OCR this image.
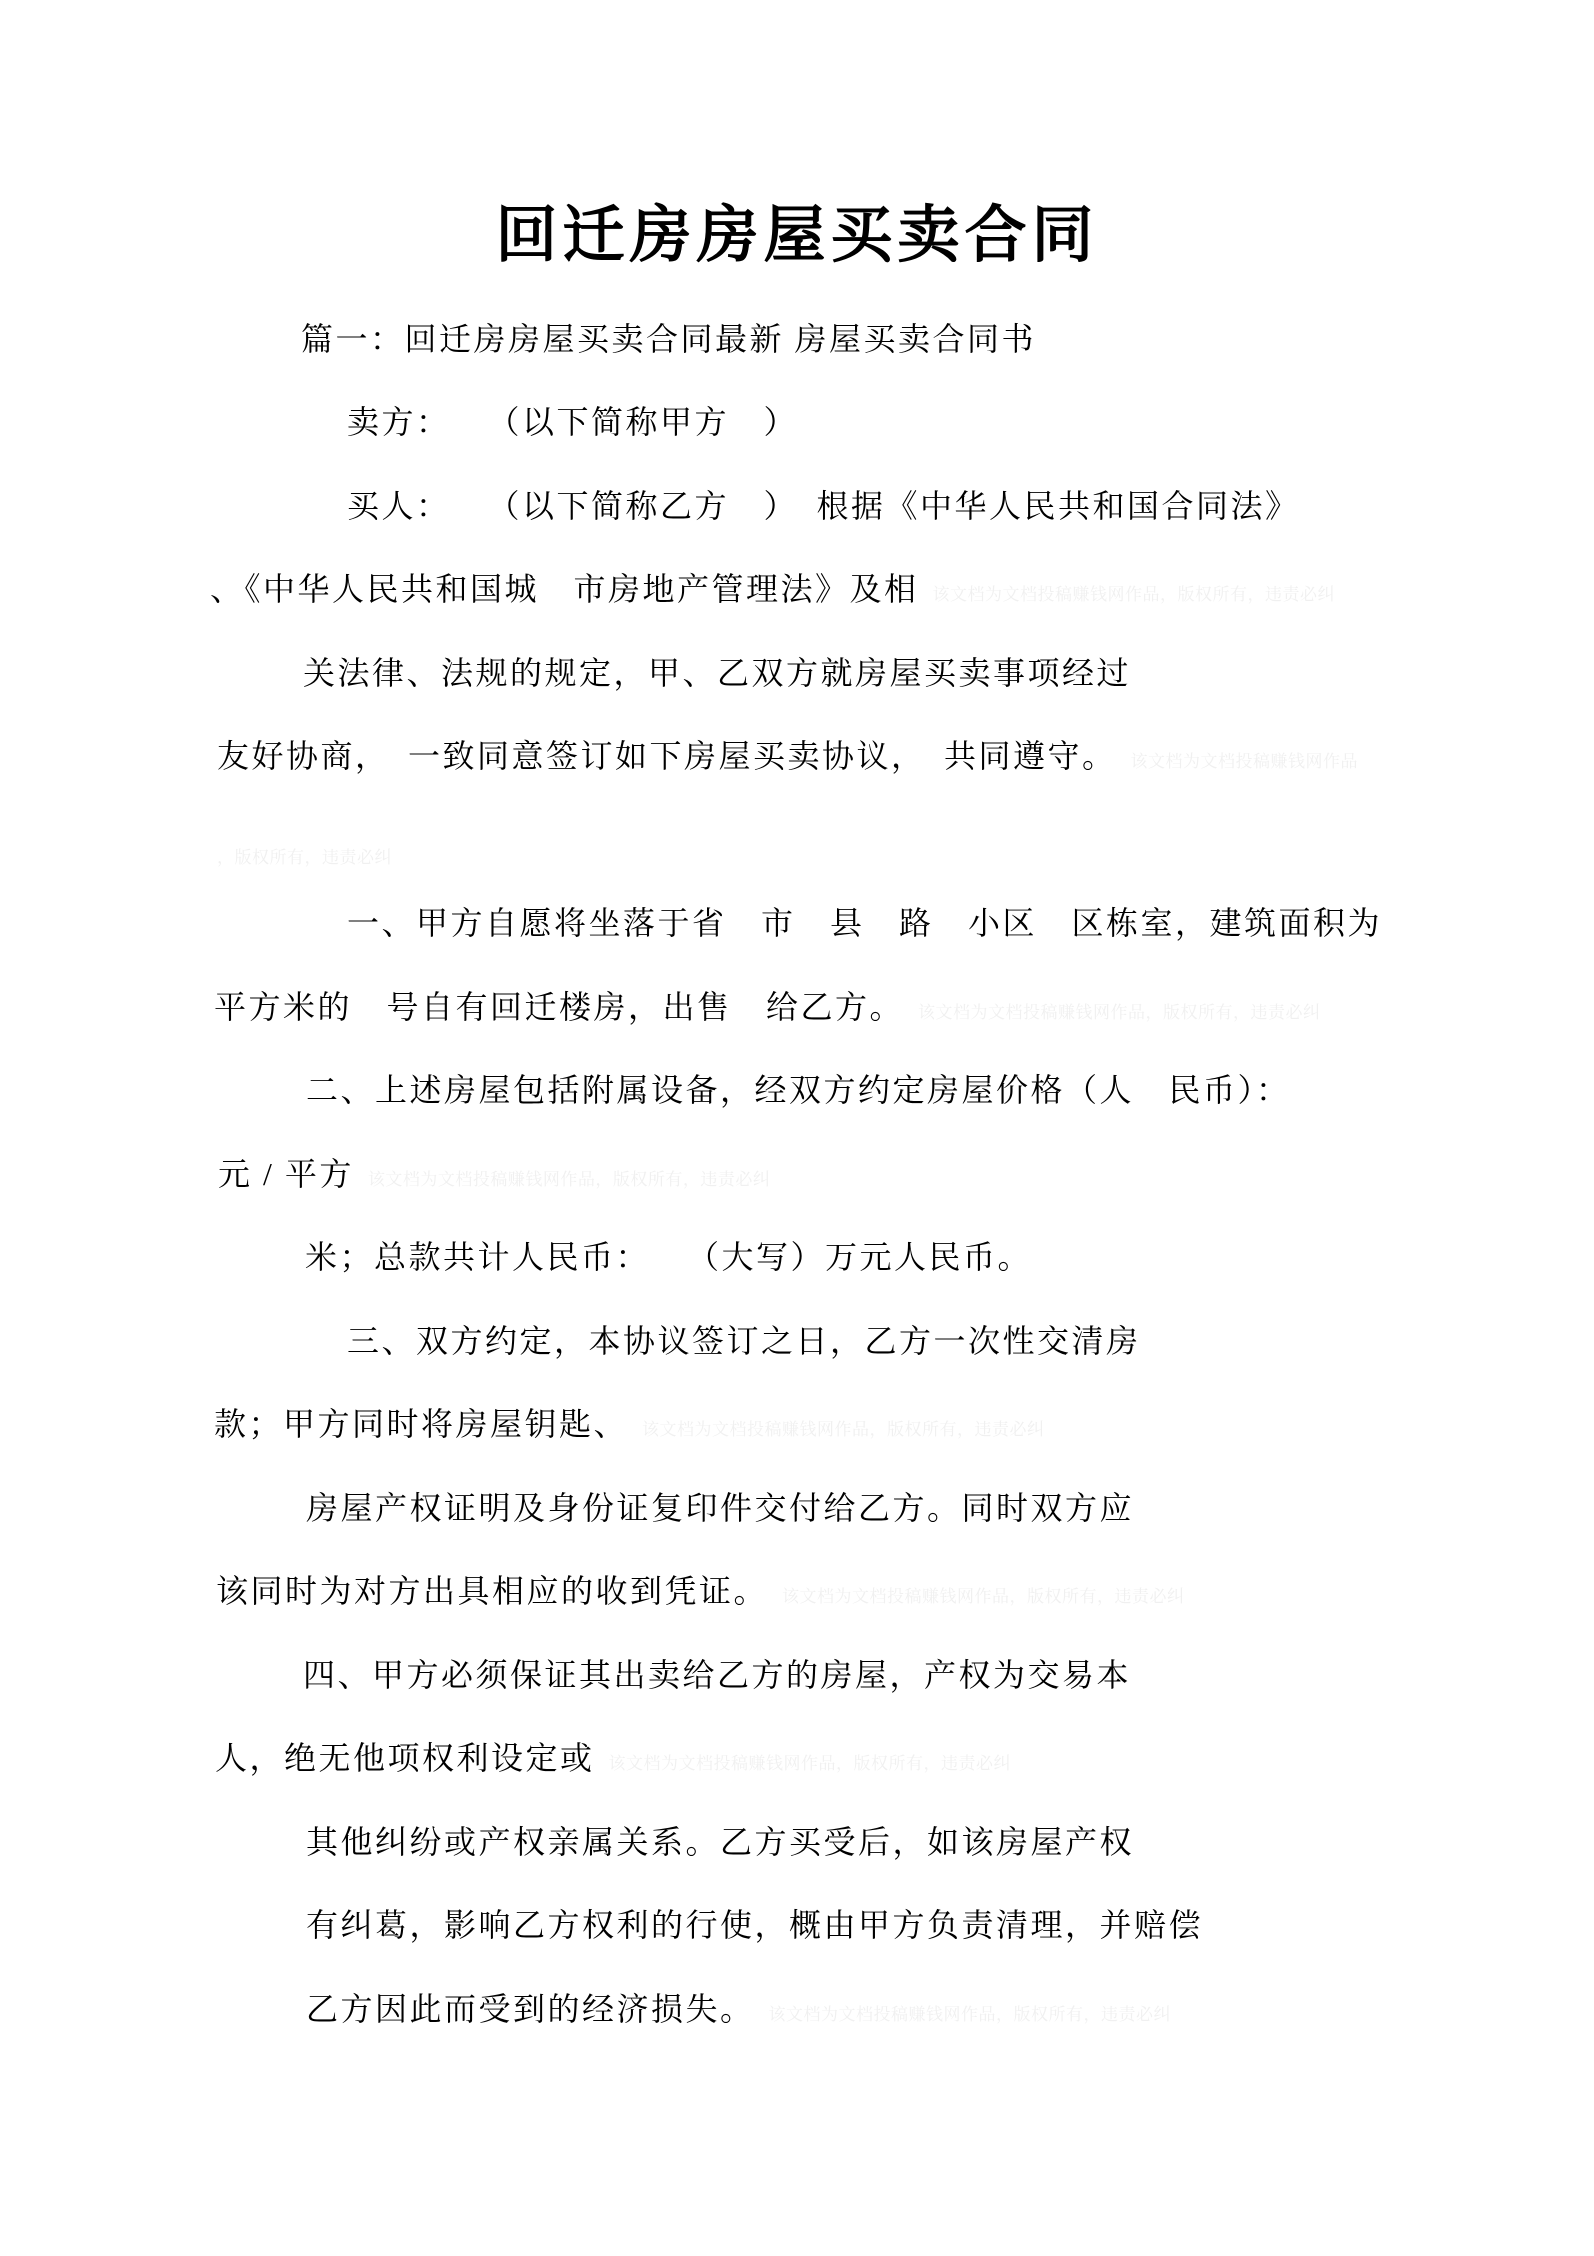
回迁房房屋买卖合同
篇一：回迁房房屋买卖合同最新 房屋买卖合同书
卖方：　　（以下简称甲方　）
买人：　　（以下简称乙方　）　根据《中华人民共和国合同法》
、《中华人民共和国城　市房地产管理法》及相 该文档为文档投稿赚钱网作品，版权所有，违责必纠
关法律、法规的规定，甲、乙双方就房屋买卖事项经过
友好协商，　一致同意签订如下房屋买卖协议，　共同遵守。 该文档为文档投稿赚钱网作品
，版权所有，违责必纠
一、甲方自愿将坐落于省　市　县　路　小区　区栋室，建筑面积为
平方米的　号自有回迁楼房，出售　给乙方。 该文档为文档投稿赚钱网作品，版权所有，违责必纠
二、上述房屋包括附属设备，经双方约定房屋价格（人　民币）：
元 / 平方 该文档为文档投稿赚钱网作品，版权所有，违责必纠
米；总款共计人民币：　　（大写）万元人民币。
三、双方约定，本协议签订之日，乙方一次性交清房
款；甲方同时将房屋钥匙、 该文档为文档投稿赚钱网作品，版权所有，违责必纠
房屋产权证明及身份证复印件交付给乙方。同时双方应
该同时为对方出具相应的收到凭证。 该文档为文档投稿赚钱网作品，版权所有，违责必纠
四、甲方必须保证其出卖给乙方的房屋，产权为交易本
人，绝无他项权利设定或 该文档为文档投稿赚钱网作品，版权所有，违责必纠
其他纠纷或产权亲属关系。乙方买受后，如该房屋产权
有纠葛，影响乙方权利的行使，概由甲方负责清理，并赔偿
乙方因此而受到的经济损失。 该文档为文档投稿赚钱网作品，版权所有，违责必纠
